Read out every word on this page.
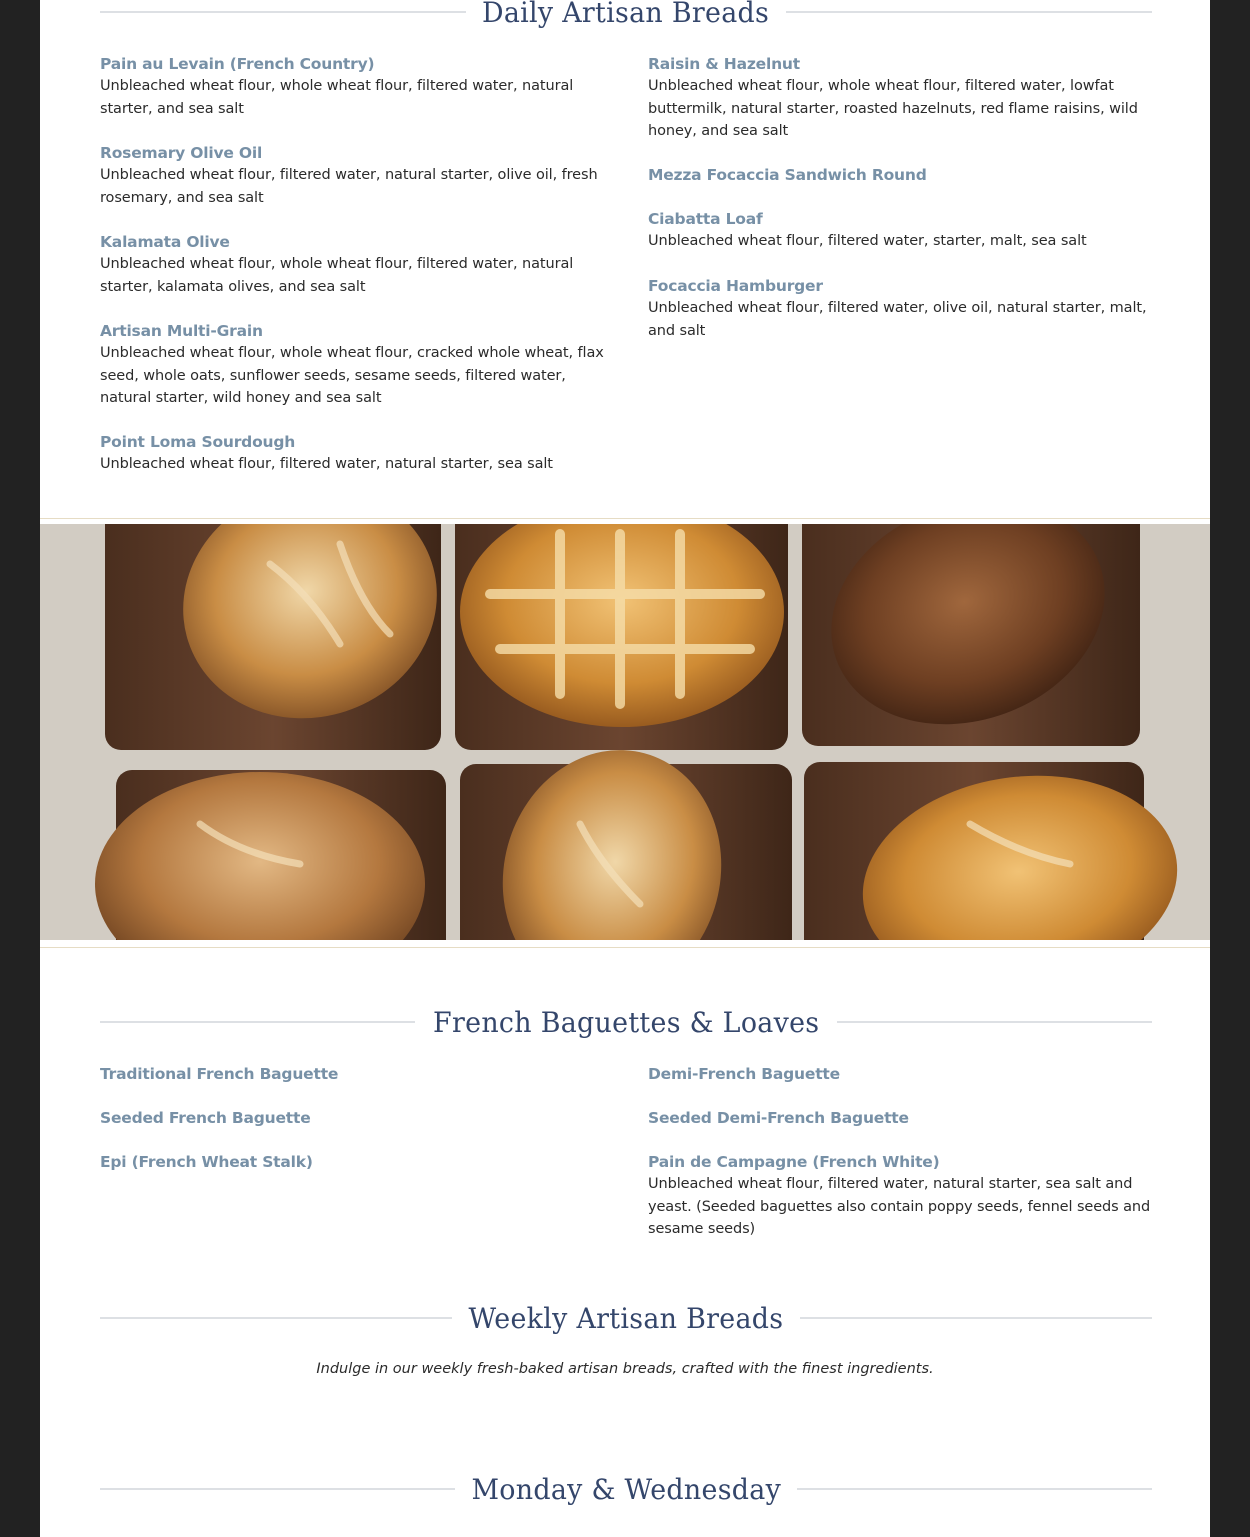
Daily Artisan Breads
Pain au Levain (French Country)
Unbleached wheat flour, whole wheat flour, filtered water, natural starter, and sea salt
Rosemary Olive Oil
Unbleached wheat flour, filtered water, natural starter, olive oil, fresh rosemary, and sea salt
Kalamata Olive
Unbleached wheat flour, whole wheat flour, filtered water, natural starter, kalamata olives, and sea salt
Artisan Multi-Grain
Unbleached wheat flour, whole wheat flour, cracked whole wheat, flax seed, whole oats, sunflower seeds, sesame seeds, filtered water, natural starter, wild honey and sea salt
Point Loma Sourdough
Unbleached wheat flour, filtered water, natural starter, sea salt
Raisin & Hazelnut
Unbleached wheat flour, whole wheat flour, filtered water, lowfat buttermilk, natural starter, roasted hazelnuts, red flame raisins, wild honey, and sea salt
Mezza Focaccia Sandwich Round
Ciabatta Loaf
Unbleached wheat flour, filtered water, starter, malt, sea salt
Focaccia Hamburger
Unbleached wheat flour, filtered water, olive oil, natural starter, malt, and salt
French Baguettes & Loaves
Traditional French Baguette
Seeded French Baguette
Epi (French Wheat Stalk)
Demi-French Baguette
Seeded Demi-French Baguette
Pain de Campagne (French White)
Unbleached wheat flour, filtered water, natural starter, sea salt and yeast. (Seeded baguettes also contain poppy seeds, fennel seeds and sesame seeds)
Weekly Artisan Breads
Indulge in our weekly fresh-baked artisan breads, crafted with the finest ingredients.
Monday & Wednesday
